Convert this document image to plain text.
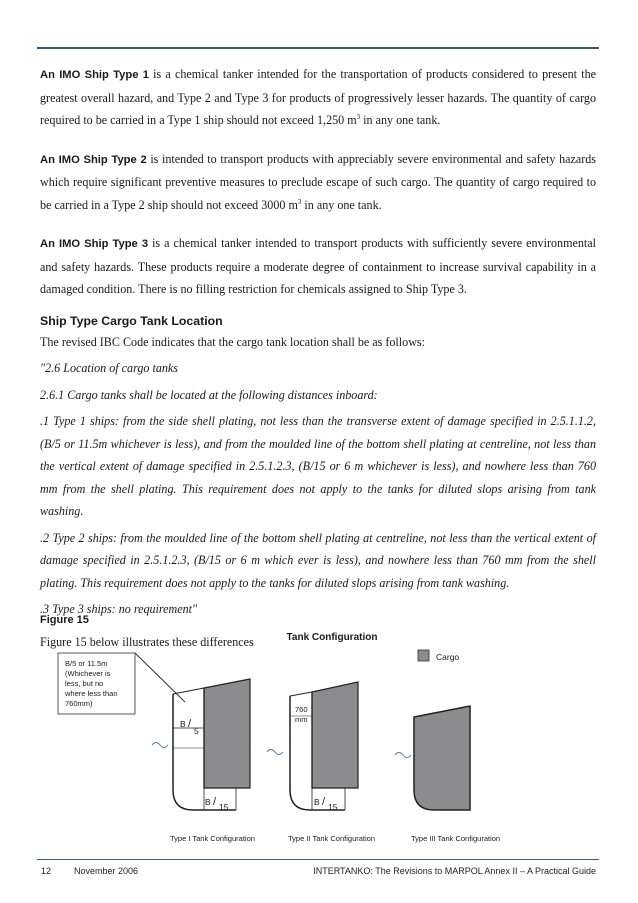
An IMO Ship Type 1 is a chemical tanker intended for the transportation of products considered to present the greatest overall hazard, and Type 2 and Type 3 for products of progressively lesser hazards. The quantity of cargo required to be carried in a Type 1 ship should not exceed 1,250 $m^3$ in any one tank.

An IMO Ship Type 2 is intended to transport products with appreciably severe environmental and safety hazards which require significant preventive measures to preclude escape of such cargo. The quantity of cargo required to be carried in a Type 2 ship should not exceed 3000 $m^3$ in any one tank.

An IMO Ship Type 3 is a chemical tanker intended to transport products with sufficiently severe environmental and safety hazards. These products require a moderate degree of containment to increase survival capability in a damaged condition. There is no filling restriction for chemicals assigned to Ship Type 3.

Ship Type Cargo Tank Location

The revised IBC Code indicates that the cargo tank location shall be as follows:

"2.6 Location of cargo tanks

2.6.1 Cargo tanks shall be located at the following distances inboard:

.1 Type 1 ships: from the side shell plating, not less than the transverse extent of damage specified in 2.5.1.1.2, (B/5 or 11.5m whichever is less), and from the moulded line of the bottom shell plating at centreline, not less than the vertical extent of damage specified in 2.5.1.2.3, (B/15 or 6 m whichever is less), and nowhere less than 760 mm from the shell plating. This requirement does not apply to the tanks for diluted slops arising from tank washing.

.2 Type 2 ships: from the moulded line of the bottom shell plating at centreline, not less than the vertical extent of damage specified in 2.5.1.2.3, (B/15 or 6 m which ever is less), and nowhere less than 760 mm from the shell plating. This requirement does not apply to the tanks for diluted slops arising from tank washing.

.3 Type 3 ships: no requirement"

Figure 15 below illustrates these differences

Figure 15
Tank Configuration
Cargo
B/5 or 11.5m
(Whichever is
less, but no
where less than
760mm)
B /
5
B / 15
760
mm
B / 15
Type I Tank Configuration	Type II Tank Configuration	Type III Tank Configuration
12	November 2006	INTERTANKO: The Revisions to MARPOL Annex II – A Practical Guide
